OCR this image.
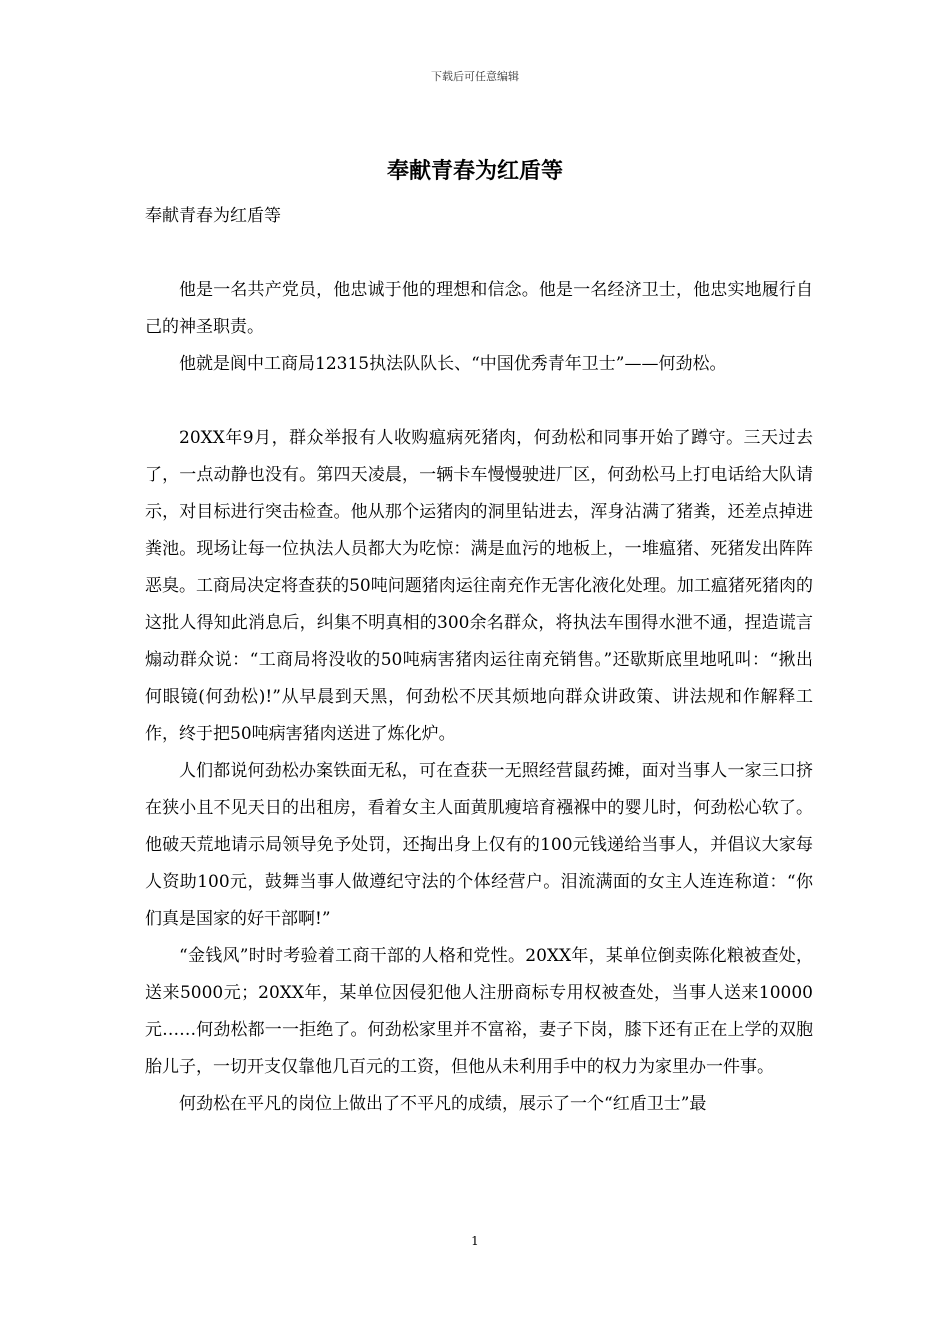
下载后可任意编辑
奉献青春为红盾等

奉献青春为红盾等

他是一名共产党员，他忠诚于他的理想和信念。他是一名经济卫士，他忠实地履行自己的神圣职责。

他就是阆中工商局12315执法队队长、“中国优秀青年卫士”——何劲松。

20XX年9月，群众举报有人收购瘟病死猪肉，何劲松和同事开始了蹲守。三天过去了，一点动静也没有。第四天凌晨，一辆卡车慢慢驶进厂区，何劲松马上打电话给大队请示，对目标进行突击检查。他从那个运猪肉的洞里钻进去，浑身沾满了猪粪，还差点掉进粪池。现场让每一位执法人员都大为吃惊：满是血污的地板上，一堆瘟猪、死猪发出阵阵恶臭。工商局决定将查获的50吨问题猪肉运往南充作无害化液化处理。加工瘟猪死猪肉的这批人得知此消息后，纠集不明真相的300余名群众，将执法车围得水泄不通，捏造谎言煽动群众说：“工商局将没收的50吨病害猪肉运往南充销售。”还歇斯底里地吼叫：“揪出何眼镜(何劲松)!”从早晨到天黑，何劲松不厌其烦地向群众讲政策、讲法规和作解释工作，终于把50吨病害猪肉送进了炼化炉。

人们都说何劲松办案铁面无私，可在查获一无照经营鼠药摊，面对当事人一家三口挤在狭小且不见天日的出租房，看着女主人面黄肌瘦培育襁褓中的婴儿时，何劲松心软了。他破天荒地请示局领导免予处罚，还掏出身上仅有的100元钱递给当事人，并倡议大家每人资助100元，鼓舞当事人做遵纪守法的个体经营户。泪流满面的女主人连连称道：“你们真是国家的好干部啊!”

“金钱风”时时考验着工商干部的人格和党性。20XX年，某单位倒卖陈化粮被查处，送来5000元；20XX年，某单位因侵犯他人注册商标专用权被查处，当事人送来10000元……何劲松都一一拒绝了。何劲松家里并不富裕，妻子下岗，膝下还有正在上学的双胞胎儿子，一切开支仅靠他几百元的工资，但他从未利用手中的权力为家里办一件事。

何劲松在平凡的岗位上做出了不平凡的成绩，展示了一个“红盾卫士”最

1
